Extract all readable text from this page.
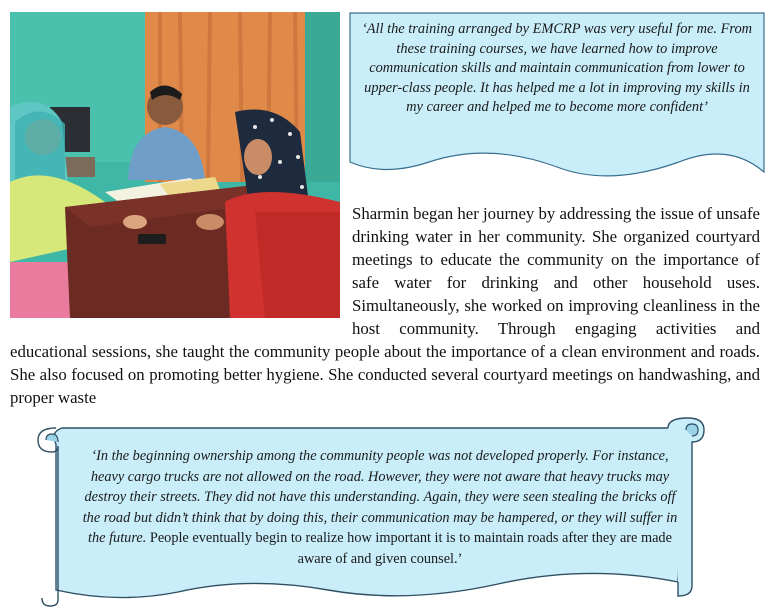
‘All the training arranged by EMCRP was very useful for me. From these training courses, we have learned how to improve communication skills and maintain communication from lower to upper-class people. It has helped me a lot in improving my skills in my career and helped me to become more confident’
Sharmin began her journey by addressing the issue of unsafe drinking water in her community. She organized courtyard meetings to educate the community on the importance of safe water for drinking and other household uses. Simultaneously, she worked on improving cleanliness in the host community. Through engaging activities and educational sessions, she taught the community people about the importance of a clean environment and roads. She also focused on promoting better hygiene. She conducted several courtyard meetings on handwashing, and proper waste
‘In the beginning ownership among the community people was not developed properly. For instance, heavy cargo trucks are not allowed on the road. However, they were not aware that heavy trucks may destroy their streets. They did not have this understanding. Again, they were seen stealing the bricks off the road but didn’t think that by doing this, their communication may be hampered, or they will suffer in the future. People eventually begin to realize how important it is to maintain roads after they are made aware of and given counsel.’
